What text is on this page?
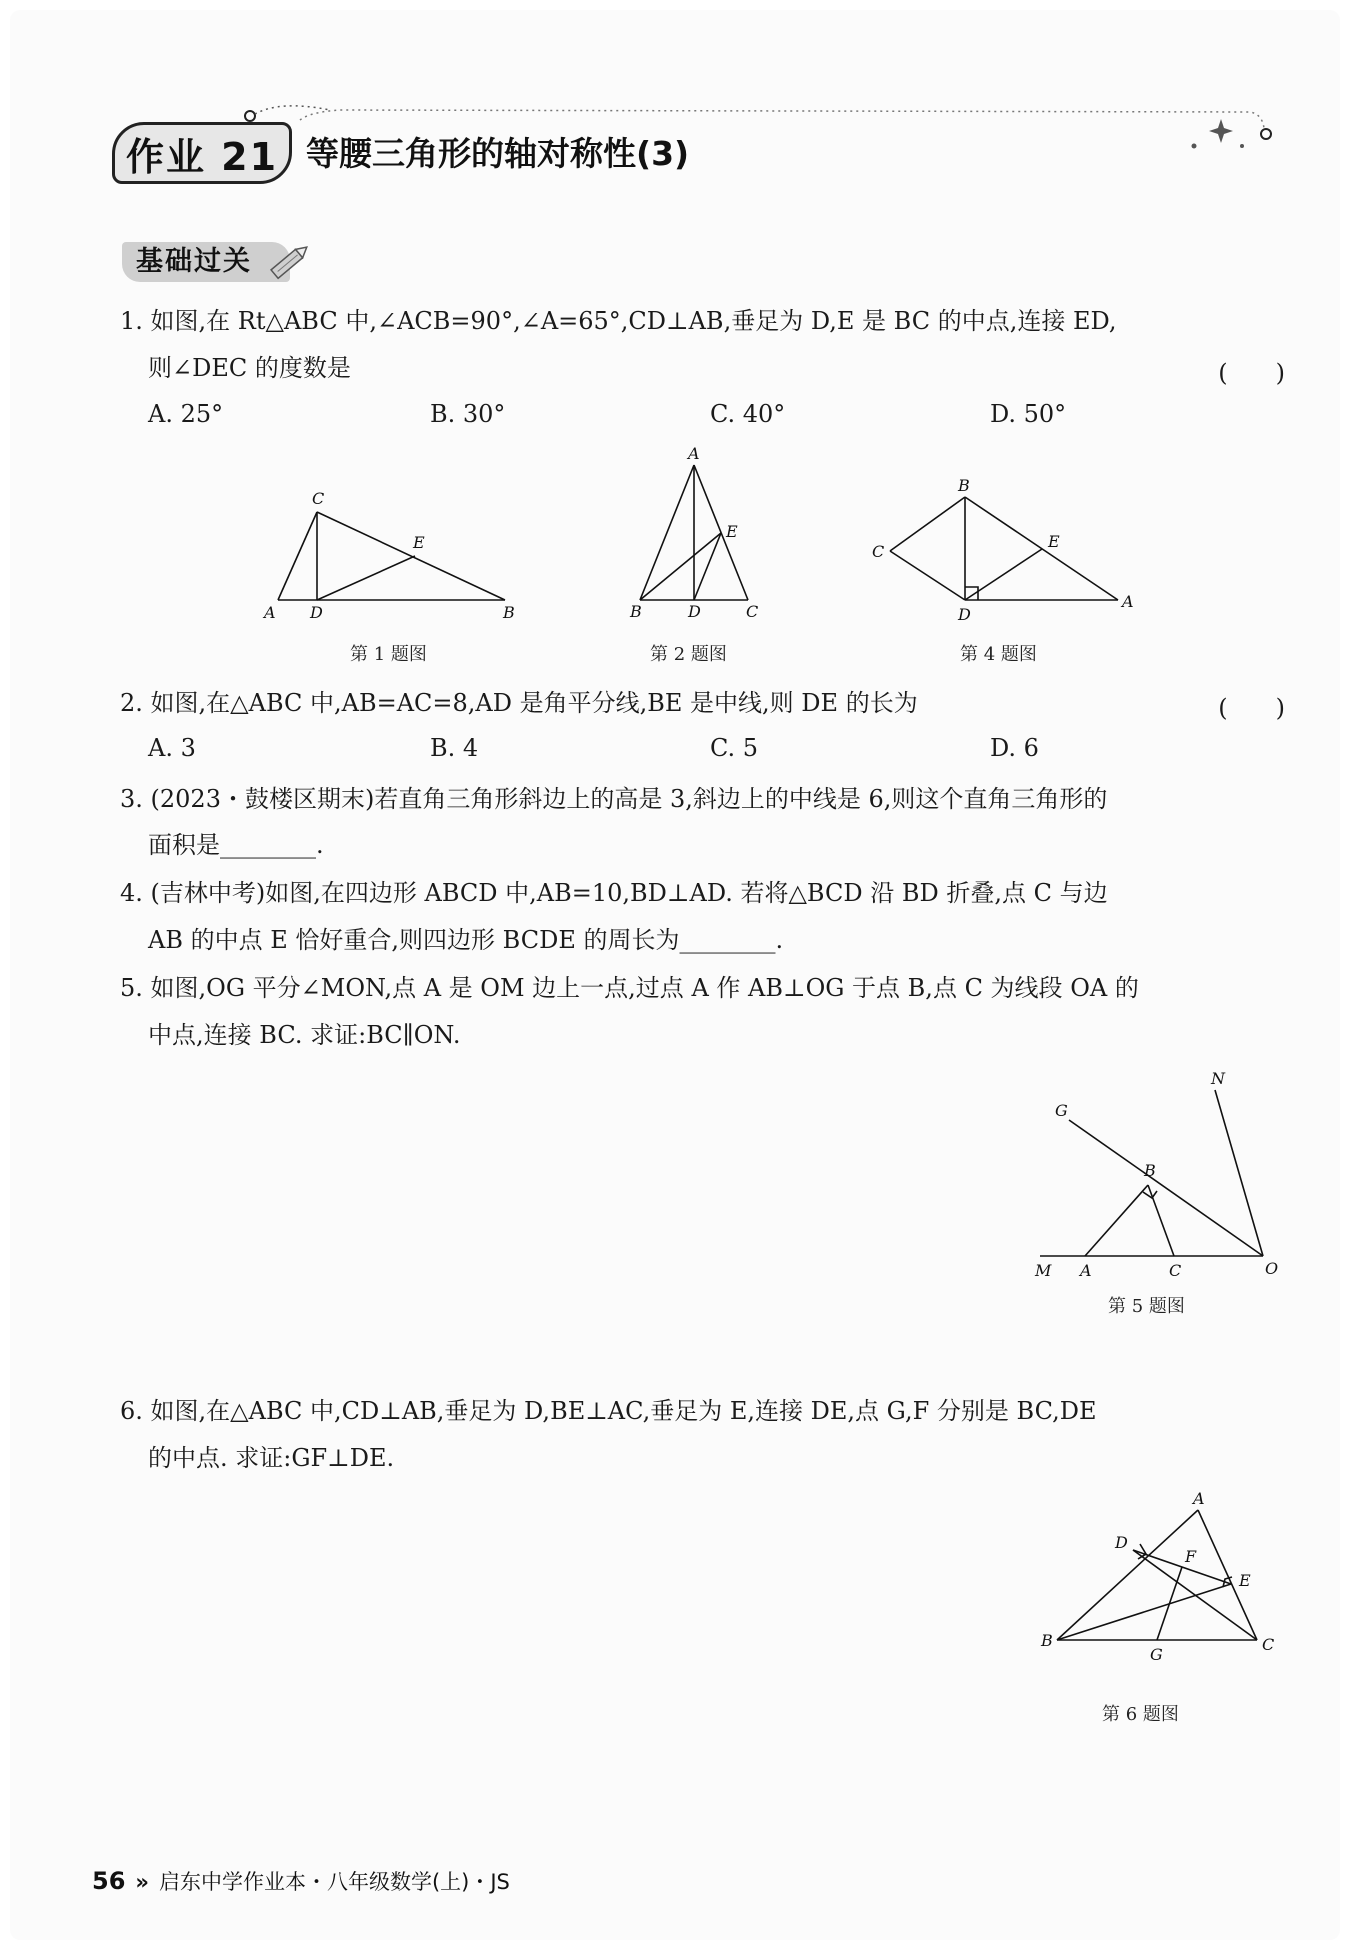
作业 21 等腰三角形的轴对称性(3)
基础过关
1. 如图,在 Rt△ABC 中,∠ACB=90°,∠A=65°,CD⊥AB,垂足为 D,E 是 BC 的中点,连接 ED,
则∠DEC 的度数是	(　　)
A. 25°	B. 30°	C. 40°	D. 50°
C
E
A D	B
第 1 题图
A
E
B	D	C
第 2 题图
B
E
C
D
A
第 4 题图
2. 如图,在△ABC 中,AB=AC=8,AD 是角平分线,BE 是中线,则 DE 的长为	(　　)
A. 3	B. 4	C. 5	D. 6
3. (2023・鼓楼区期末)若直角三角形斜边上的高是 3,斜边上的中线是 6,则这个直角三角形的
面积是________.
4. (吉林中考)如图,在四边形 ABCD 中,AB=10,BD⊥AD. 若将△BCD 沿 BD 折叠,点 C 与边
AB 的中点 E 恰好重合,则四边形 BCDE 的周长为________.
5. 如图,OG 平分∠MON,点 A 是 OM 边上一点,过点 A 作 AB⊥OG 于点 B,点 C 为线段 OA 的
中点,连接 BC. 求证:BC∥ON.
N
G
B
M A	C	O
第 5 题图
6. 如图,在△ABC 中,CD⊥AB,垂足为 D,BE⊥AC,垂足为 E,连接 DE,点 G,F 分别是 BC,DE
的中点. 求证:GF⊥DE.
A
D
F
E
B
G
C
第 6 题图
56 » 启东中学作业本・八年级数学(上)・JS
